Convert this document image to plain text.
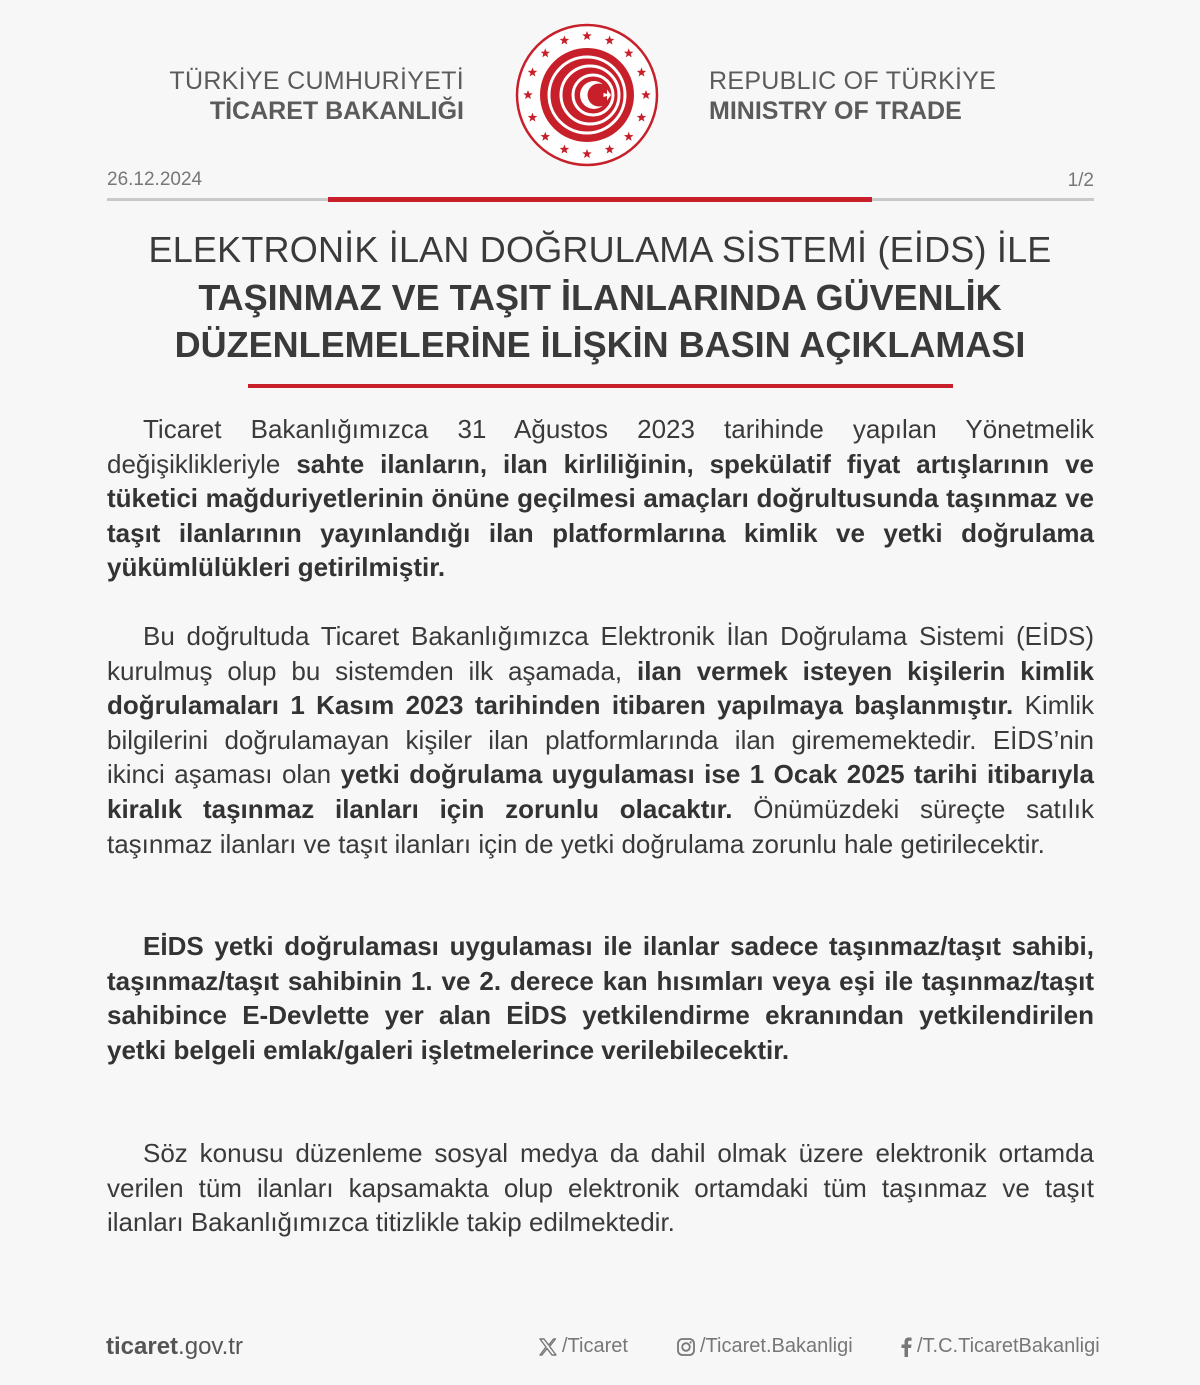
TÜRKİYE CUMHURİYETİ
TİCARET BAKANLIĞI
REPUBLIC OF TÜRKİYE
MINISTRY OF TRADE
26.12.2024	1/2
ELEKTRONİK İLAN DOĞRULAMA SİSTEMİ (EİDS) İLE
TAŞINMAZ VE TAŞIT İLANLARINDA GÜVENLİK
DÜZENLEMELERİNE İLİŞKİN BASIN AÇIKLAMASI

Ticaret Bakanlığımızca 31 Ağustos 2023 tarihinde yapılan Yönetmelik değişiklikleriyle sahte ilanların, ilan kirliliğinin, spekülatif fiyat artışlarının ve tüketici mağduriyetlerinin önüne geçilmesi amaçları doğrultusunda taşınmaz ve taşıt ilanlarının yayınlandığı ilan platformlarına kimlik ve yetki doğrulama yükümlülükleri getirilmiştir.

Bu doğrultuda Ticaret Bakanlığımızca Elektronik İlan Doğrulama Sistemi (EİDS) kurulmuş olup bu sistemden ilk aşamada, ilan vermek isteyen kişilerin kimlik doğrulamaları 1 Kasım 2023 tarihinden itibaren yapılmaya başlanmıştır. Kimlik bilgilerini doğrulamayan kişiler ilan platformlarında ilan girememektedir. EİDS’nin ikinci aşaması olan yetki doğrulama uygulaması ise 1 Ocak 2025 tarihi itibarıyla kiralık taşınmaz ilanları için zorunlu olacaktır. Önümüzdeki süreçte satılık taşınmaz ilanları ve taşıt ilanları için de yetki doğrulama zorunlu hale getirilecektir.

EİDS yetki doğrulaması uygulaması ile ilanlar sadece taşınmaz/taşıt sahibi, taşınmaz/taşıt sahibinin 1. ve 2. derece kan hısımları veya eşi ile taşınmaz/taşıt sahibince E-Devlette yer alan EİDS yetkilendirme ekranından yetkilendirilen yetki belgeli emlak/galeri işletmelerince verilebilecektir.

Söz konusu düzenleme sosyal medya da dahil olmak üzere elektronik ortamda verilen tüm ilanları kapsamakta olup elektronik ortamdaki tüm taşınmaz ve taşıt ilanları Bakanlığımızca titizlikle takip edilmektedir.

ticaret.gov.tr	/Ticaret	/Ticaret.Bakanligi	/T.C.TicaretBakanligi
